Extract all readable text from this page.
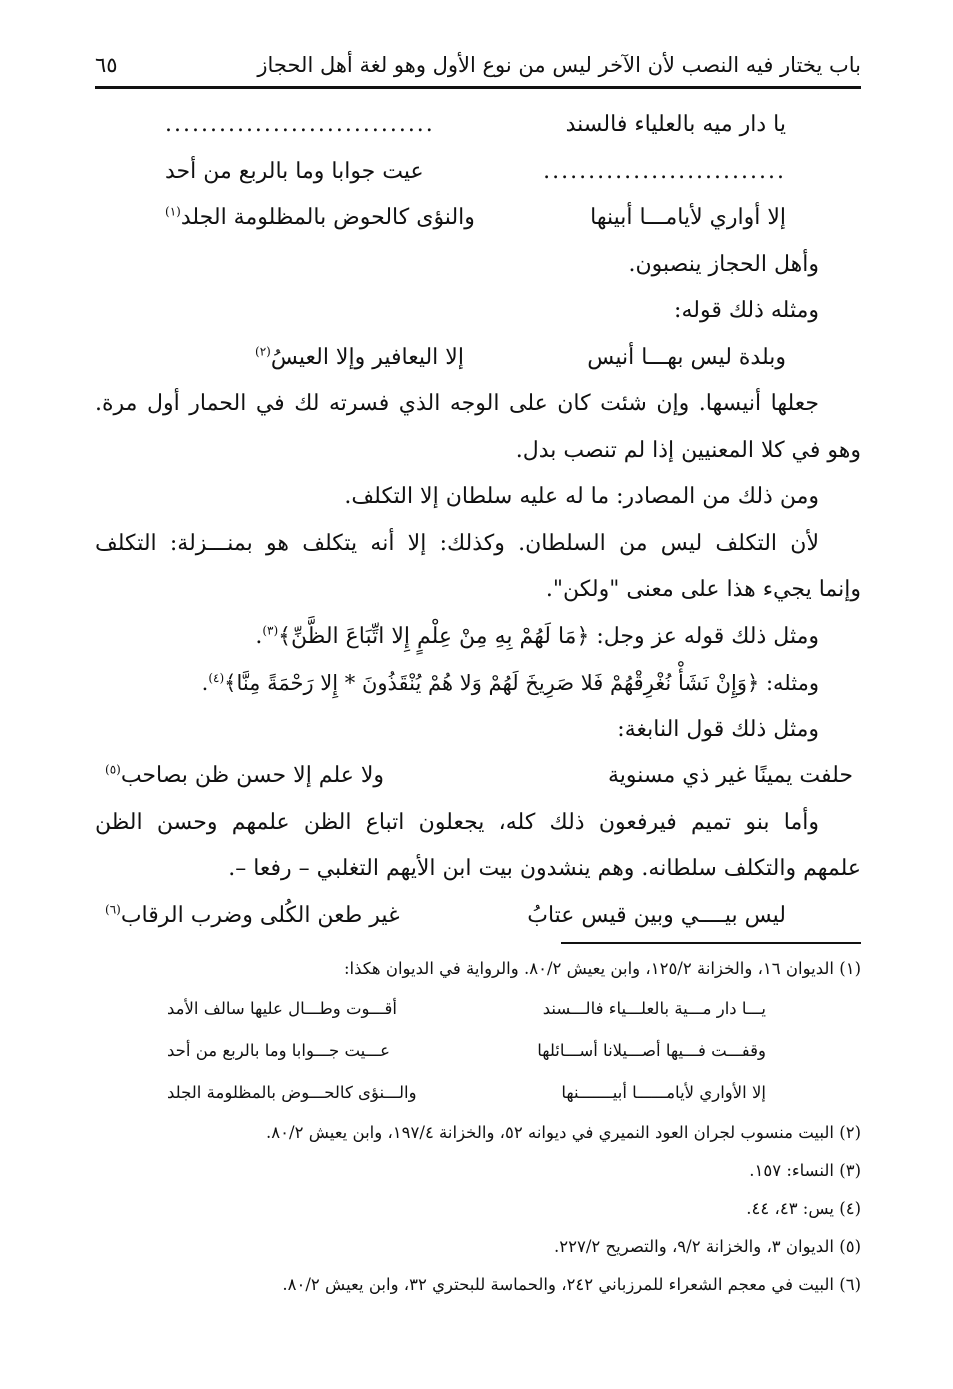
باب يختار فيه النصب لأن الآخر ليس من نوع الأول وهو لغة أهل الحجاز
٦٥
يا دار ميه بالعلياء فالسند
..............................
...........................
عيت جوابا وما بالربع من أحد
إلا أواري لأيامـــا أبينها
والنؤى كالحوض بالمظلومة الجلد$^{(١)}$
وأهل الحجاز ينصبون.
ومثله ذلك قوله:
وبلدة ليس بهـــا أنيس
إلا اليعافير وإلا العيسُ$^{(٢)}$
جعلها أنيسها. وإن شئت كان على الوجه الذي فسرته لك في الحمار أول مرة.
وهو في كلا المعنيين إذا لم تنصب بدل.
ومن ذلك من المصادر: ما له عليه سلطان إلا التكلف.
لأن التكلف ليس من السلطان. وكذلك: إلا أنه يتكلف هو بمنـــزلة: التكلف
وإنما يجيء هذا على معنى "ولكن".
ومثل ذلك قوله عز وجل: ﴿مَا لَهُمْ بِهِ مِنْ عِلْمٍ إِلا اتِّبَاعَ الظَّنِّ﴾$^{(٣)}$.
ومثله: ﴿وَإِنْ نَشَأْ نُغْرِقْهُمْ فَلا صَرِيخَ لَهُمْ وَلا هُمْ يُنْقَذُونَ * إِلا رَحْمَةً مِنَّا﴾$^{(٤)}$.
ومثل ذلك قول النابغة:
حلفت يمينًا غير ذي مسنوية
ولا علم إلا حسن ظن بصاحب$^{(٥)}$
وأما بنو تميم فيرفعون ذلك كله، يجعلون اتباع الظن علمهم وحسن الظن
علمهم والتكلف سلطانه. وهم ينشدون بيت ابن الأيهم التغلبي – رفعا –.
ليس بيــــي وبين قيس عتابُ
غير طعن الكُلى وضرب الرقاب$^{(٦)}$
(١) الديوان ١٦، والخزانة ١٢٥/٢، وابن يعيش ٨٠/٢. والرواية في الديوان هكذا:
يـــا دار مـــية بالعلـــياء فالـــسند
أقـــوت وطـــال عليها سالف الأمد
وقفـــت فـــيها أصـــيلانا أســـائلها
عـــيت جـــوابا وما بالربع من أحد
إلا الأواري لأيامــــــا أبيـــــــنها
والـــنؤى كالحـــوض بالمظلومة الجلد
(٢) البيت منسوب لجران العود النميري في ديوانه ٥٢، والخزانة ١٩٧/٤، وابن يعيش ٨٠/٢.
(٣) النساء: ١٥٧.
(٤) يس: ٤٣، ٤٤.
(٥) الديوان ٣، والخزانة ٩/٢، والتصريح ٢٢٧/٢.
(٦) البيت في معجم الشعراء للمرزباني ٢٤٢، والحماسة للبحتري ٣٢، وابن يعيش ٨٠/٢.
